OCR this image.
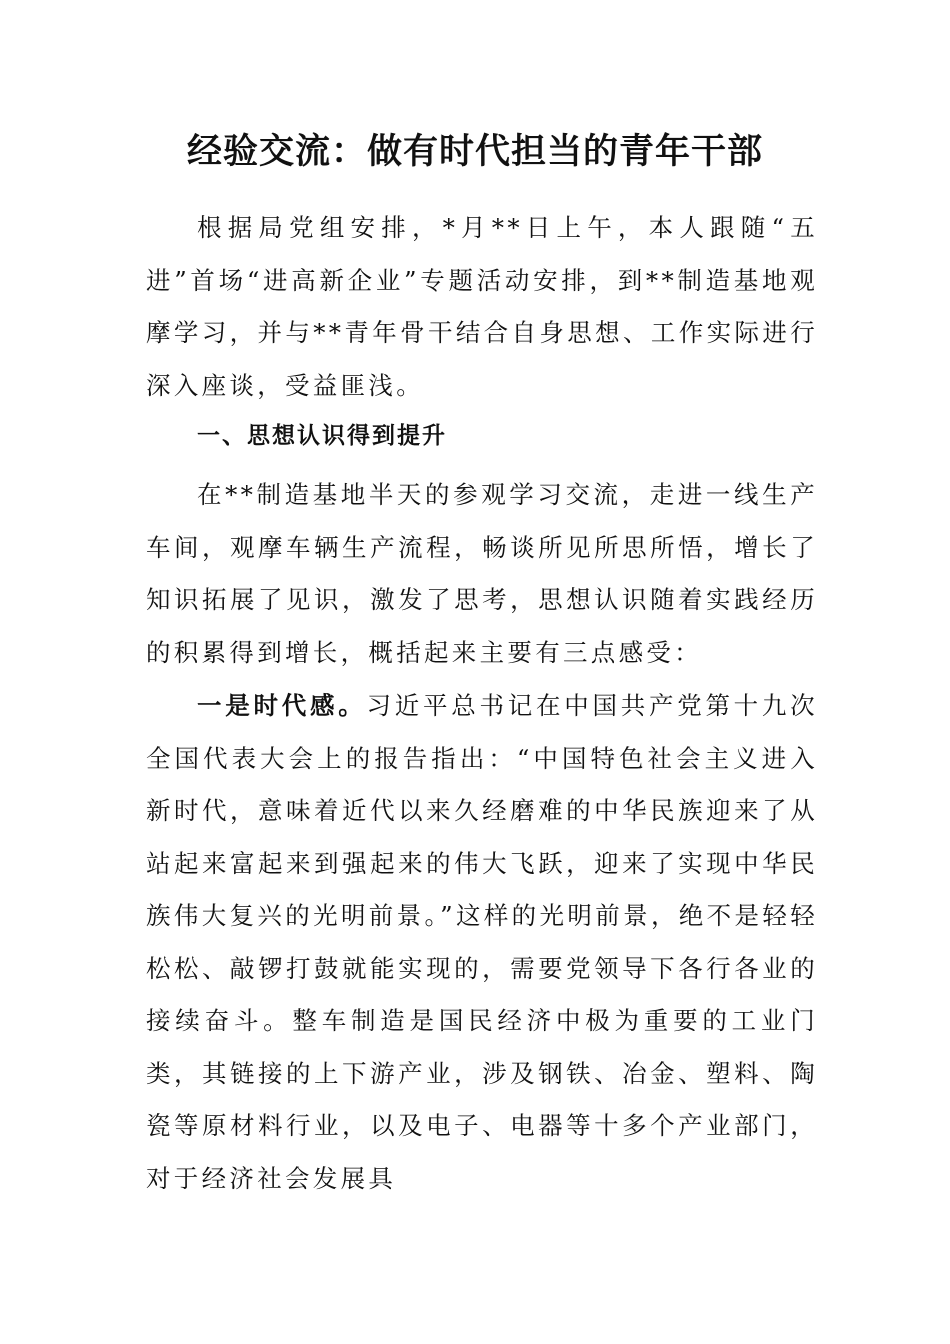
经验交流：做有时代担当的青年干部

根据局党组安排，*月**日上午，本人跟随“五进”首场“进高新企业”专题活动安排，到**制造基地观摩学习，并与**青年骨干结合自身思想、工作实际进行深入座谈，受益匪浅。

一、思想认识得到提升

在**制造基地半天的参观学习交流，走进一线生产车间，观摩车辆生产流程，畅谈所见所思所悟，增长了知识拓展了见识，激发了思考，思想认识随着实践经历的积累得到增长，概括起来主要有三点感受：

一是时代感。习近平总书记在中国共产党第十九次全国代表大会上的报告指出：“中国特色社会主义进入新时代，意味着近代以来久经磨难的中华民族迎来了从站起来富起来到强起来的伟大飞跃，迎来了实现中华民族伟大复兴的光明前景。”这样的光明前景，绝不是轻轻松松、敲锣打鼓就能实现的，需要党领导下各行各业的接续奋斗。整车制造是国民经济中极为重要的工业门类，其链接的上下游产业，涉及钢铁、冶金、塑料、陶瓷等原材料行业，以及电子、电器等十多个产业部门，对于经济社会发展具
